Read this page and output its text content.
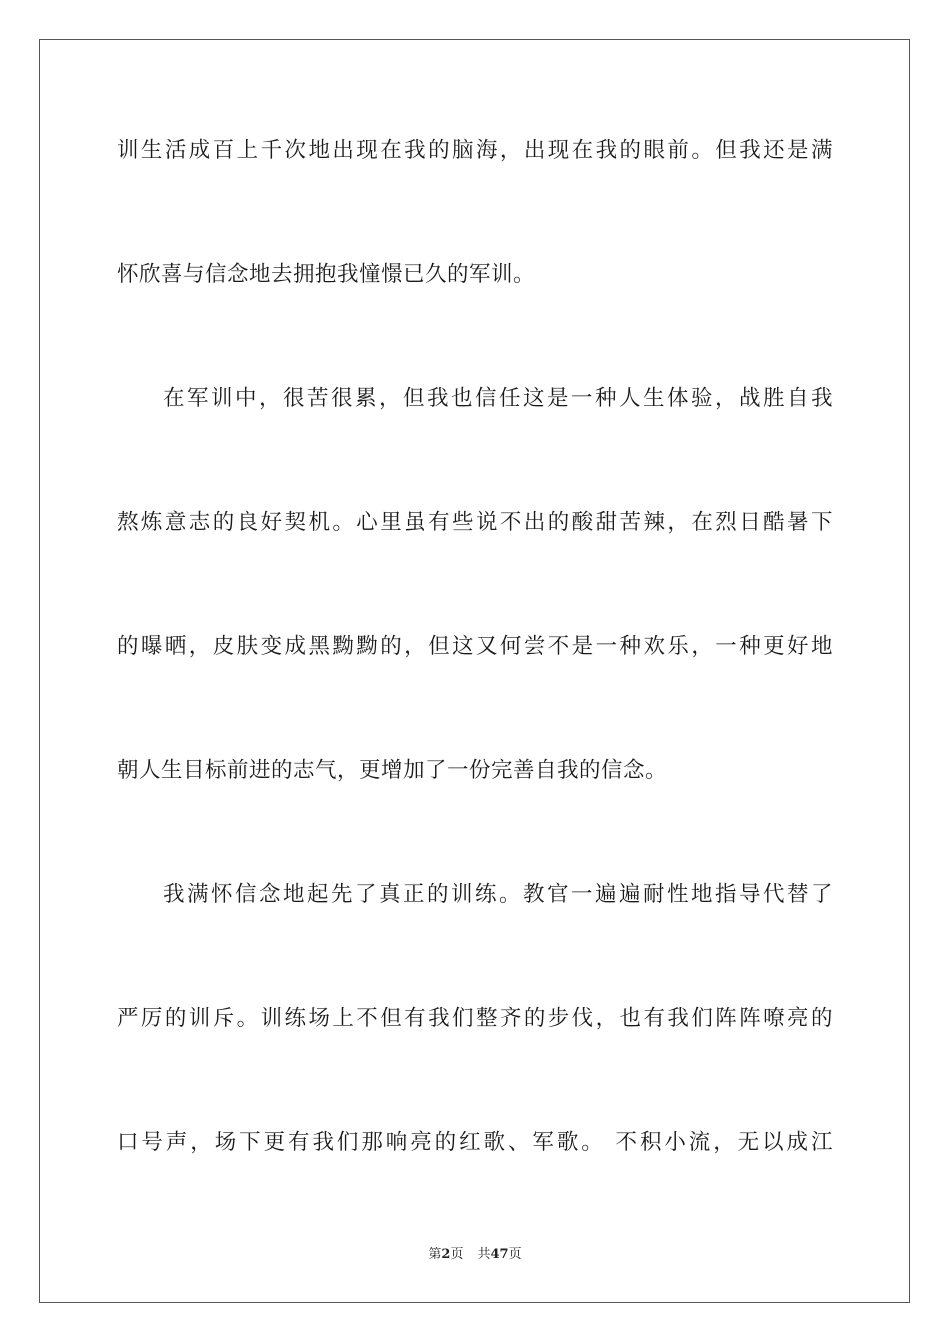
训生活成百上千次地出现在我的脑海，出现在我的眼前。但我还是满
怀欣喜与信念地去拥抱我憧憬已久的军训。
在军训中，很苦很累，但我也信任这是一种人生体验，战胜自我
熬炼意志的良好契机。心里虽有些说不出的酸甜苦辣，在烈日酷暑下
的曝晒，皮肤变成黑黝黝的，但这又何尝不是一种欢乐，一种更好地
朝人生目标前进的志气，更增加了一份完善自我的信念。
我满怀信念地起先了真正的训练。教官一遍遍耐性地指导代替了
严厉的训斥。训练场上不但有我们整齐的步伐，也有我们阵阵嘹亮的
口号声，场下更有我们那响亮的红歌、军歌。 不积小流，无以成江
第2页 共47页
